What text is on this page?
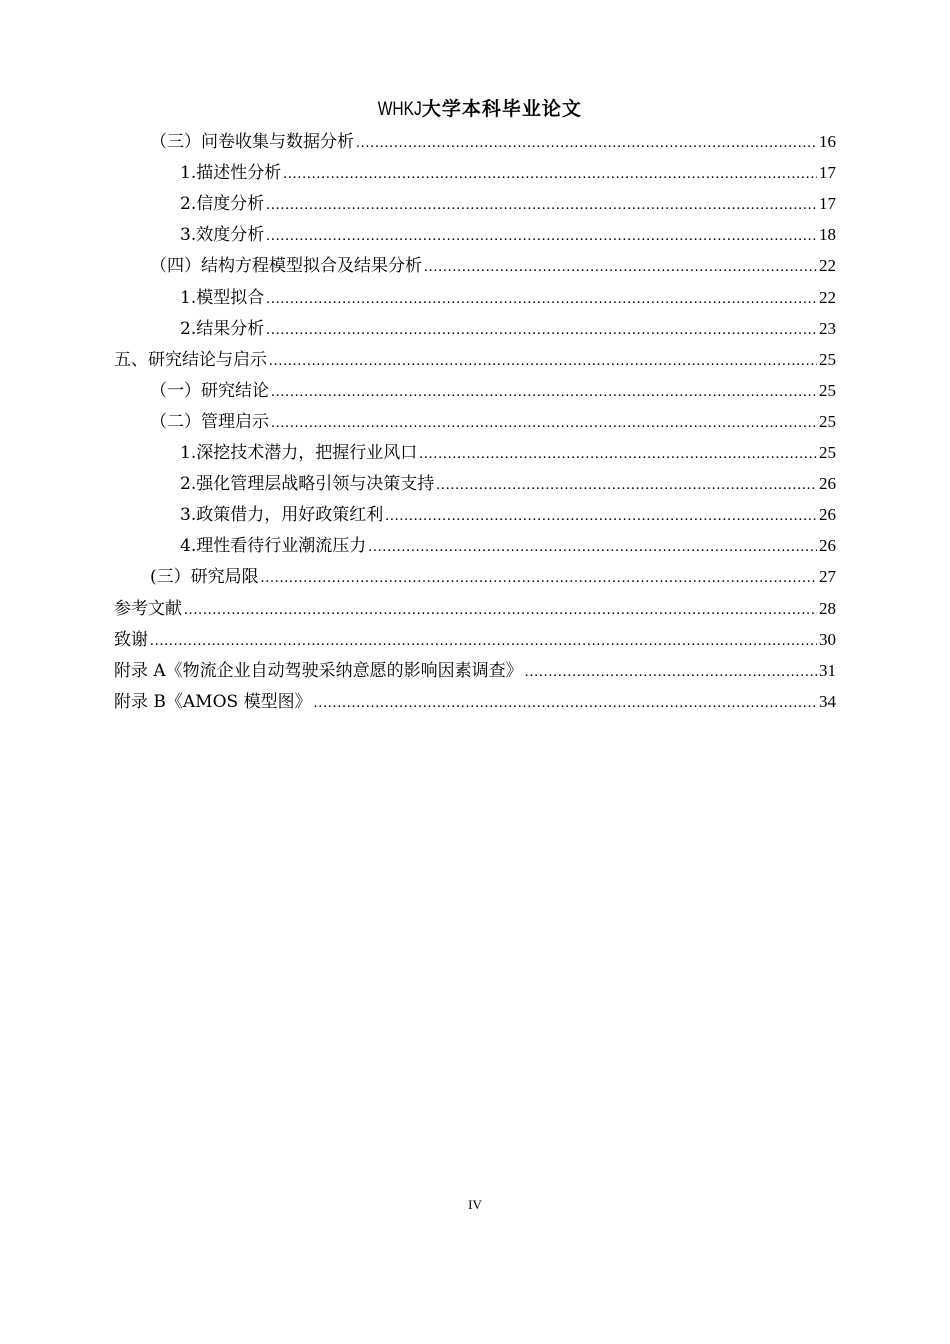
WHKJ大学本科毕业论文
（三）问卷收集与数据分析 .....	16
1.描述性分析 .....	17
2.信度分析 .....	17
3.效度分析 .....	18
（四）结构方程模型拟合及结果分析 .....	22
1.模型拟合 .....	22
2.结果分析 .....	23
五、研究结论与启示 .....	25
（一）研究结论 .....	25
（二）管理启示 .....	25
1.深挖技术潜力，把握行业风口 .....	25
2.强化管理层战略引领与决策支持 .....	26
3.政策借力，用好政策红利 .....	26
4.理性看待行业潮流压力 .....	26
(三）研究局限 .....	27
参考文献 .....	28
致谢 .....	30
附录 A《物流企业自动驾驶采纳意愿的影响因素调查》 .....	31
附录 B《AMOS 模型图》 .....	34
IV
